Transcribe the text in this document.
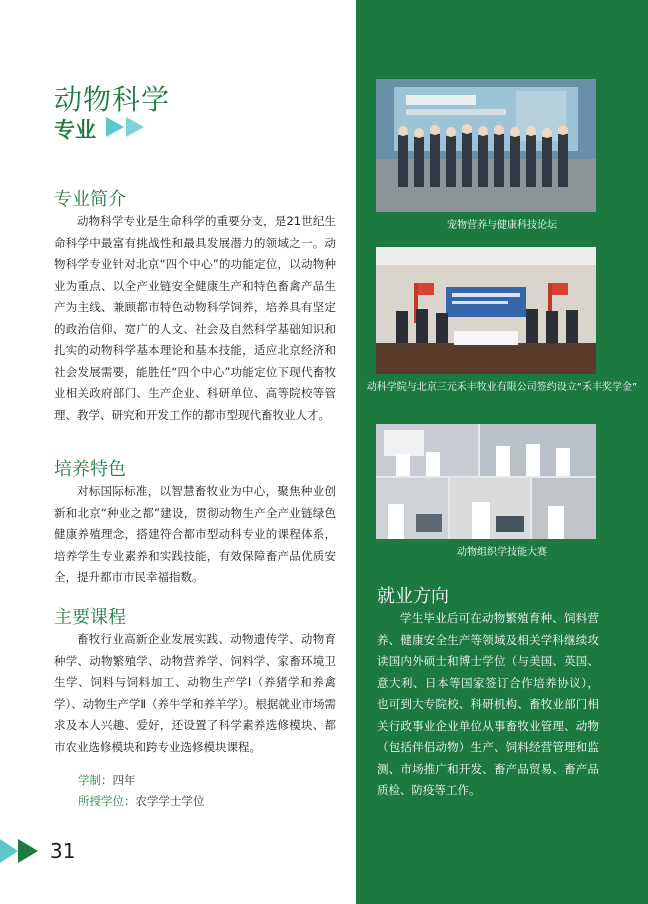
动物科学
专业
专业简介
动物科学专业是生命科学的重要分支，是21世纪生命科学中最富有挑战性和最具发展潜力的领域之一。动物科学专业针对北京“四个中心”的功能定位，以动物种业为重点、以全产业链安全健康生产和特色畜禽产品生产为主线、兼顾都市特色动物科学饲养，培养具有坚定的政治信仰、宽广的人文、社会及自然科学基础知识和扎实的动物科学基本理论和基本技能，适应北京经济和社会发展需要，能胜任“四个中心”功能定位下现代畜牧业相关政府部门、生产企业、科研单位、高等院校等管理、教学、研究和开发工作的都市型现代畜牧业人才。
培养特色
对标国际标准，以智慧畜牧业为中心，聚焦种业创新和北京“种业之都”建设，贯彻动物生产全产业链绿色健康养殖理念，搭建符合都市型动科专业的课程体系，培养学生专业素养和实践技能，有效保障畜产品优质安全，提升都市市民幸福指数。
主要课程
畜牧行业高新企业发展实践、动物遗传学、动物育种学、动物繁殖学、动物营养学、饲料学、家畜环境卫生学、饲料与饲料加工、动物生产学Ⅰ（养猪学和养禽学）、动物生产学Ⅱ（养牛学和养羊学）。根据就业市场需求及本人兴趣、爱好，还设置了科学素养选修模块、都市农业选修模块和跨专业选修模块课程。
学制：四年
所授学位：农学学士学位
31
宠物营养与健康科技论坛
动科学院与北京三元禾丰牧业有限公司签约设立“禾丰奖学金”
动物组织学技能大赛
就业方向
学生毕业后可在动物繁殖育种、饲料营养、健康安全生产等领域及相关学科继续攻读国内外硕士和博士学位（与美国、英国、意大利、日本等国家签订合作培养协议），也可到大专院校、科研机构、畜牧业部门相关行政事业企业单位从事畜牧业管理、动物（包括伴侣动物）生产、饲料经营管理和监测、市场推广和开发、畜产品贸易、畜产品质检、防疫等工作。
